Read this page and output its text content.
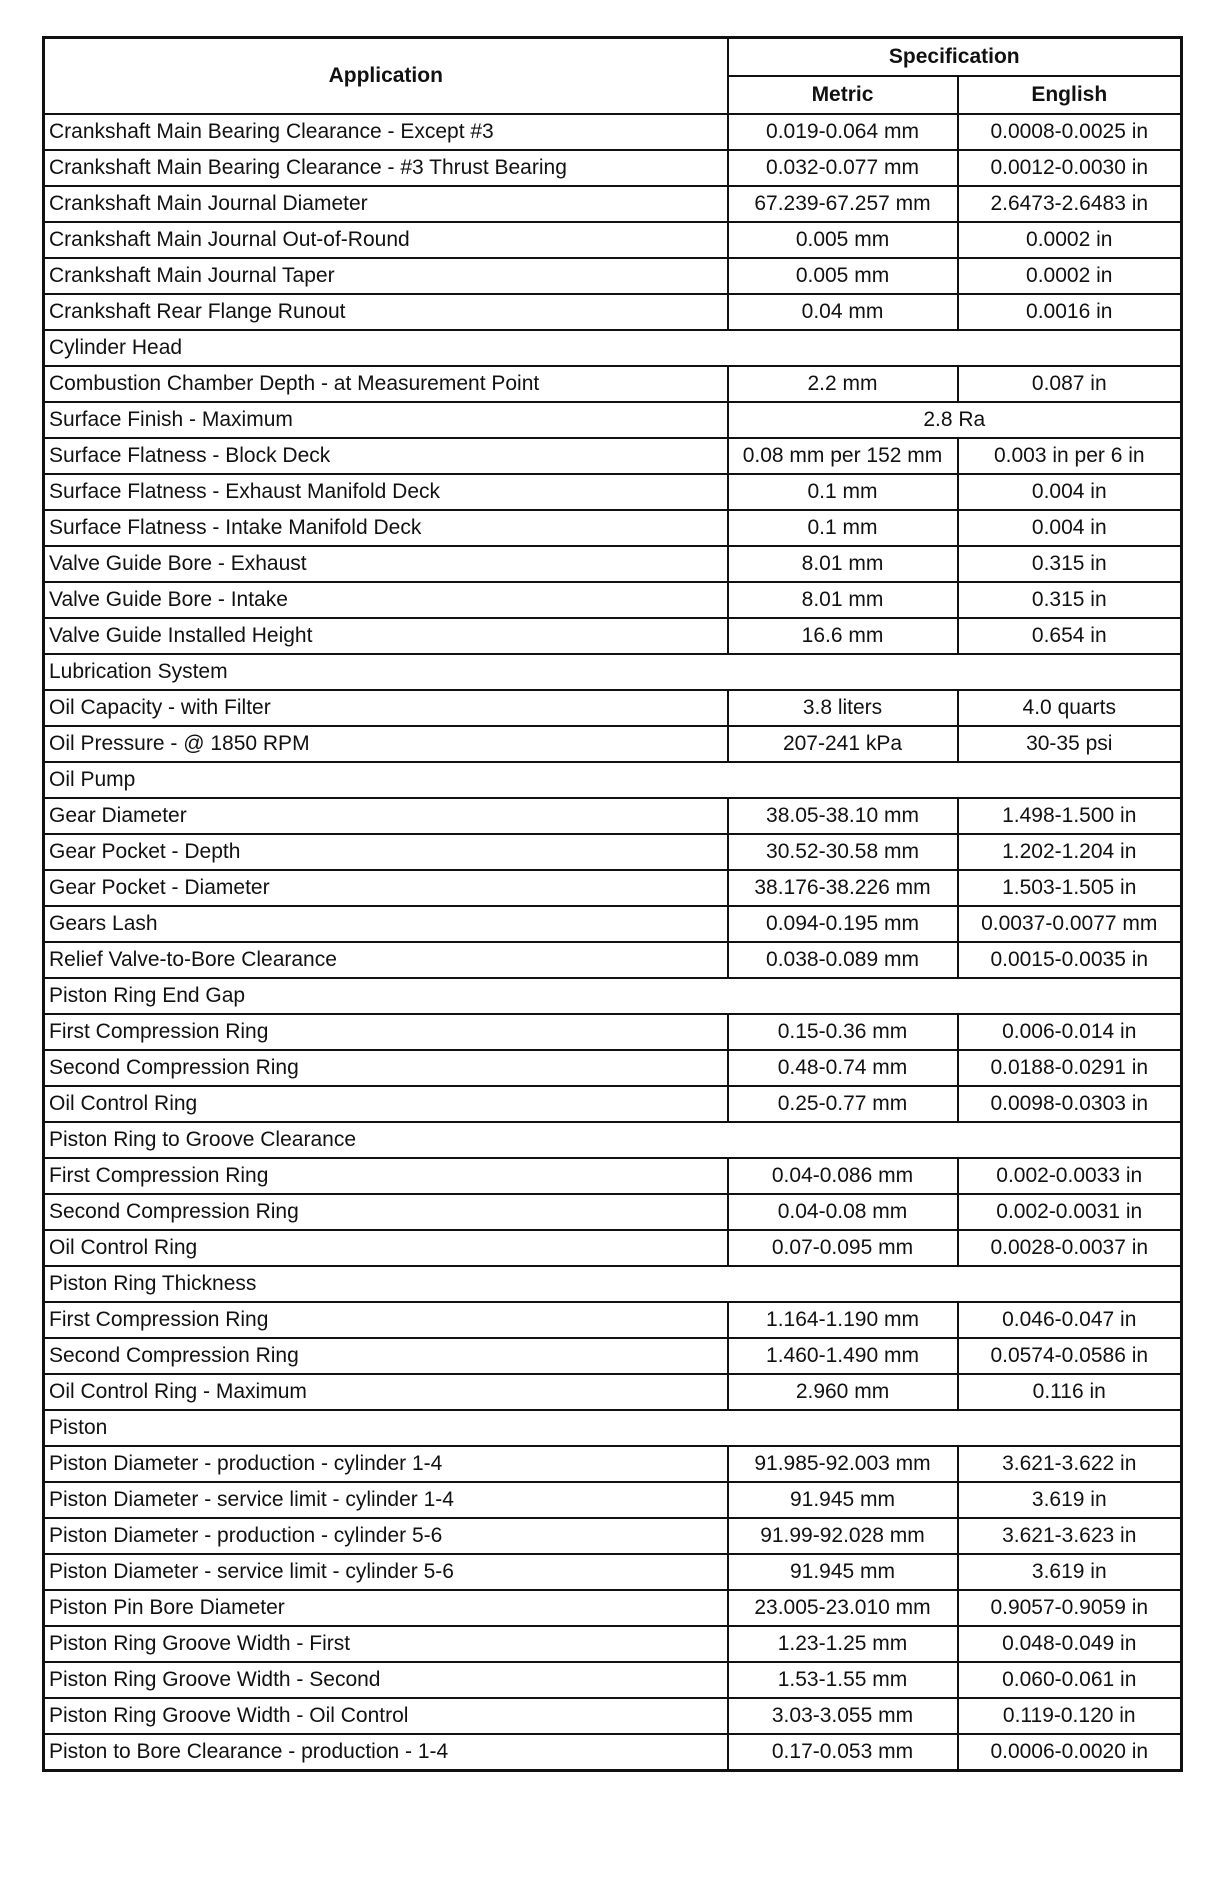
Application	Specification	
	Metric	English
Crankshaft Main Bearing Clearance - Except #3	0.019-0.064 mm	0.0008-0.0025 in
Crankshaft Main Bearing Clearance - #3 Thrust Bearing	0.032-0.077 mm	0.0012-0.0030 in
Crankshaft Main Journal Diameter	67.239-67.257 mm	2.6473-2.6483 in
Crankshaft Main Journal Out-of-Round	0.005 mm	0.0002 in
Crankshaft Main Journal Taper	0.005 mm	0.0002 in
Crankshaft Rear Flange Runout	0.04 mm	0.0016 in
Cylinder Head		
Combustion Chamber Depth - at Measurement Point	2.2 mm	0.087 in
Surface Finish - Maximum	2.8 Ra	
Surface Flatness - Block Deck	0.08 mm per 152 mm	0.003 in per 6 in
Surface Flatness - Exhaust Manifold Deck	0.1 mm	0.004 in
Surface Flatness - Intake Manifold Deck	0.1 mm	0.004 in
Valve Guide Bore - Exhaust	8.01 mm	0.315 in
Valve Guide Bore - Intake	8.01 mm	0.315 in
Valve Guide Installed Height	16.6 mm	0.654 in
Lubrication System		
Oil Capacity - with Filter	3.8 liters	4.0 quarts
Oil Pressure - @ 1850 RPM	207-241 kPa	30-35 psi
Oil Pump		
Gear Diameter	38.05-38.10 mm	1.498-1.500 in
Gear Pocket - Depth	30.52-30.58 mm	1.202-1.204 in
Gear Pocket - Diameter	38.176-38.226 mm	1.503-1.505 in
Gears Lash	0.094-0.195 mm	0.0037-0.0077 mm
Relief Valve-to-Bore Clearance	0.038-0.089 mm	0.0015-0.0035 in
Piston Ring End Gap		
First Compression Ring	0.15-0.36 mm	0.006-0.014 in
Second Compression Ring	0.48-0.74 mm	0.0188-0.0291 in
Oil Control Ring	0.25-0.77 mm	0.0098-0.0303 in
Piston Ring to Groove Clearance		
First Compression Ring	0.04-0.086 mm	0.002-0.0033 in
Second Compression Ring	0.04-0.08 mm	0.002-0.0031 in
Oil Control Ring	0.07-0.095 mm	0.0028-0.0037 in
Piston Ring Thickness		
First Compression Ring	1.164-1.190 mm	0.046-0.047 in
Second Compression Ring	1.460-1.490 mm	0.0574-0.0586 in
Oil Control Ring - Maximum	2.960 mm	0.116 in
Piston		
Piston Diameter - production - cylinder 1-4	91.985-92.003 mm	3.621-3.622 in
Piston Diameter - service limit - cylinder 1-4	91.945 mm	3.619 in
Piston Diameter - production - cylinder 5-6	91.99-92.028 mm	3.621-3.623 in
Piston Diameter - service limit - cylinder 5-6	91.945 mm	3.619 in
Piston Pin Bore Diameter	23.005-23.010 mm	0.9057-0.9059 in
Piston Ring Groove Width - First	1.23-1.25 mm	0.048-0.049 in
Piston Ring Groove Width - Second	1.53-1.55 mm	0.060-0.061 in
Piston Ring Groove Width - Oil Control	3.03-3.055 mm	0.119-0.120 in
Piston to Bore Clearance - production - 1-4	0.17-0.053 mm	0.0006-0.0020 in
